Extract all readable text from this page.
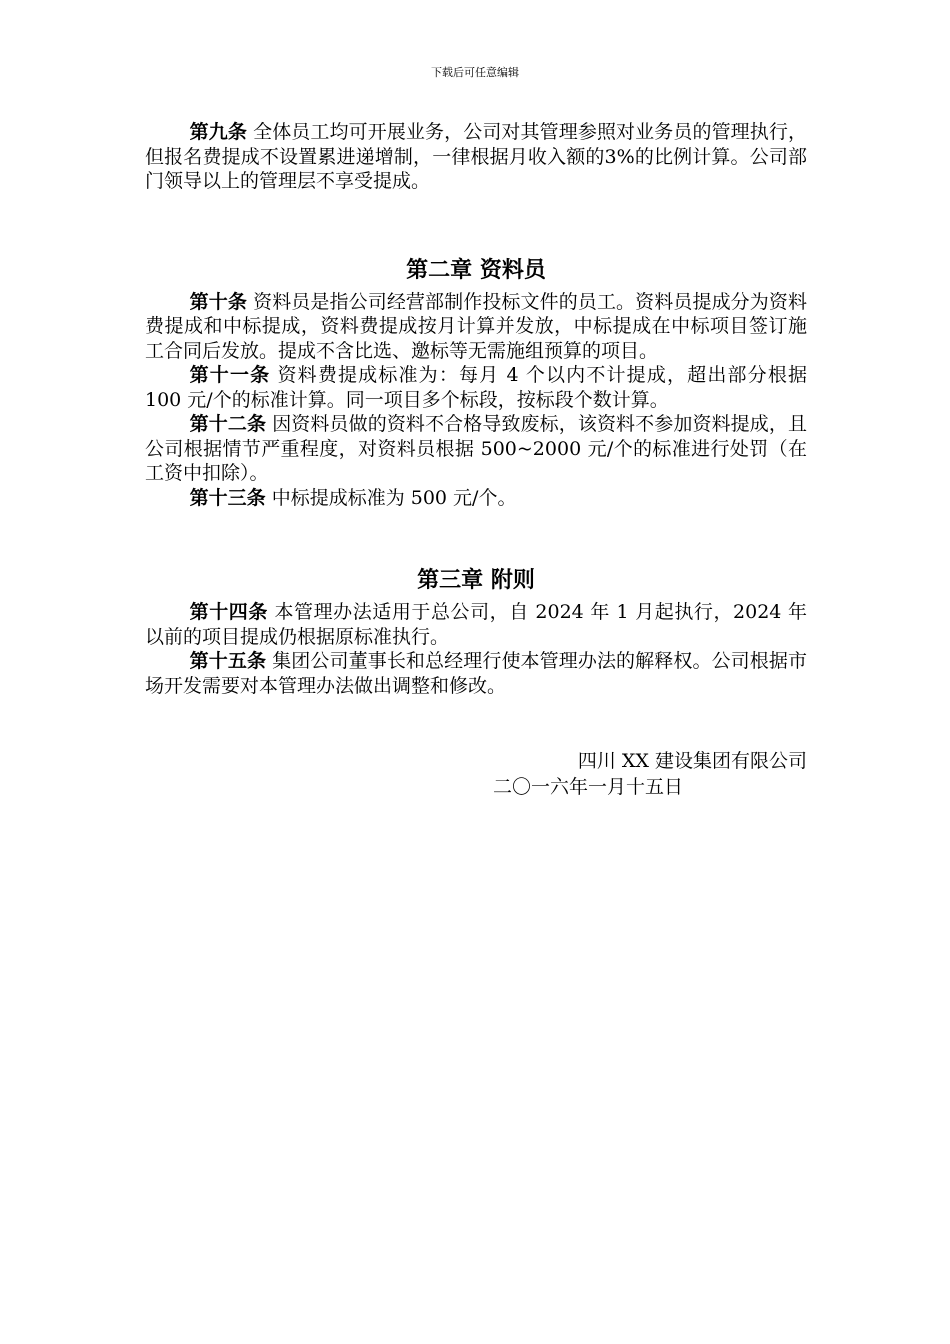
下载后可任意编辑

第九条 全体员工均可开展业务，公司对其管理参照对业务员的管理执行，但报名费提成不设置累进递增制，一律根据月收入额的3%的比例计算。公司部门领导以上的管理层不享受提成。

第二章 资料员

第十条 资料员是指公司经营部制作投标文件的员工。资料员提成分为资料费提成和中标提成，资料费提成按月计算并发放，中标提成在中标项目签订施工合同后发放。提成不含比选、邀标等无需施组预算的项目。

第十一条 资料费提成标准为：每月 4 个以内不计提成，超出部分根据 100 元/个的标准计算。同一项目多个标段，按标段个数计算。

第十二条 因资料员做的资料不合格导致废标，该资料不参加资料提成，且公司根据情节严重程度，对资料员根据 500~2000 元/个的标准进行处罚（在工资中扣除）。

第十三条 中标提成标准为 500 元/个。

第三章 附则

第十四条 本管理办法适用于总公司，自 2024 年 1 月起执行，2024 年以前的项目提成仍根据原标准执行。

第十五条 集团公司董事长和总经理行使本管理办法的解释权。公司根据市场开发需要对本管理办法做出调整和修改。

四川 XX 建设集团有限公司

二〇一六年一月十五日
